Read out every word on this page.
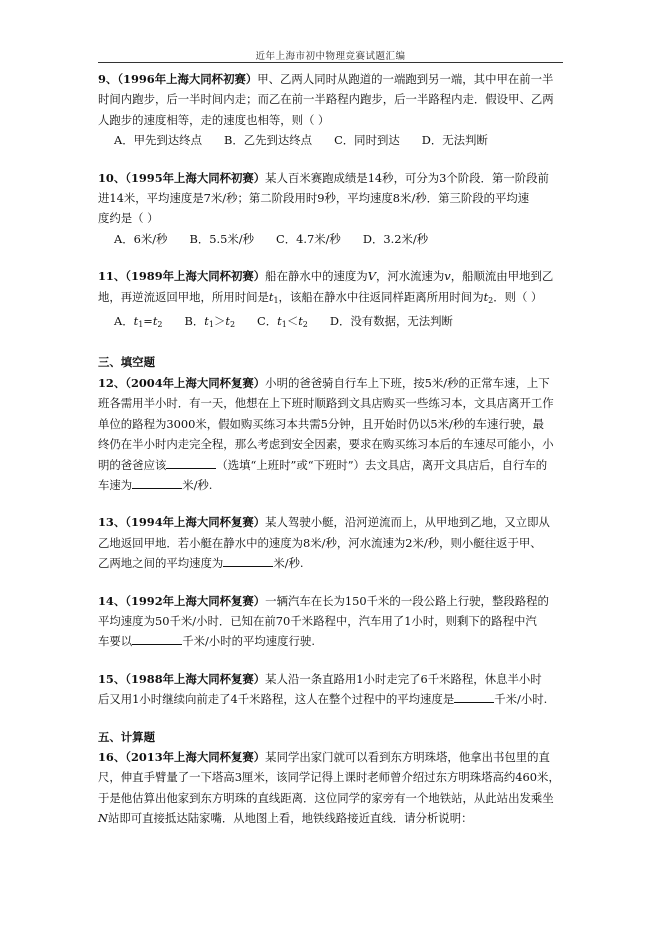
近年上海市初中物理竞赛试题汇编
9、（1996年上海大同杯初赛）甲、乙两人同时从跑道的一端跑到另一端，其中甲在前一半
时间内跑步，后一半时间内走；而乙在前一半路程内跑步，后一半路程内走．假设甲、乙两
人跑步的速度相等，走的速度也相等，则（ ）
A．甲先到达终点 B．乙先到达终点 C．同时到达 D．无法判断
10、（1995年上海大同杯初赛）某人百米赛跑成绩是14秒，可分为3个阶段．第一阶段前
进14米，平均速度是7米/秒；第二阶段用时9秒，平均速度8米/秒．第三阶段的平均速
度约是（ ）
A．6米/秒 B．5.5米/秒 C．4.7米/秒 D．3.2米/秒
11、（1989年上海大同杯初赛）船在静水中的速度为V，河水流速为v，船顺流由甲地到乙
地，再逆流返回甲地，所用时间是$t_1$，该船在静水中往返同样距离所用时间为$t_2$．则（ ）
A．$t_1=t_2$ B．$t_1>t_2$ C．$t_1<t_2$ D．没有数据，无法判断
三、填空题
12、（2004年上海大同杯复赛）小明的爸爸骑自行车上下班，按5米/秒的正常车速，上下
班各需用半小时．有一天，他想在上下班时顺路到文具店购买一些练习本，文具店离开工作
单位的路程为3000米，假如购买练习本共需5分钟，且开始时仍以5米/秒的车速行驶，最
终仍在半小时内走完全程，那么考虑到安全因素，要求在购买练习本后的车速尽可能小，小
明的爸爸应该	（选填“上班时”或“下班时”）去文具店，离开文具店后，自行车的
车速为	米/秒.
13、（1994年上海大同杯复赛）某人驾驶小艇，沿河逆流而上，从甲地到乙地，又立即从
乙地返回甲地．若小艇在静水中的速度为8米/秒，河水流速为2米/秒，则小艇往返于甲、
乙两地之间的平均速度为	米/秒.
14、（1992年上海大同杯复赛）一辆汽车在长为150千米的一段公路上行驶，整段路程的
平均速度为50千米/小时．已知在前70千米路程中，汽车用了1小时，则剩下的路程中汽
车要以	千米/小时的平均速度行驶.
15、（1988年上海大同杯复赛）某人沿一条直路用1小时走完了6千米路程，休息半小时
后又用1小时继续向前走了4千米路程，这人在整个过程中的平均速度是	千米/小时.
五、计算题
16、（2013年上海大同杯复赛）某同学出家门就可以看到东方明珠塔，他拿出书包里的直
尺，伸直手臂量了一下塔高3厘米，该同学记得上课时老师曾介绍过东方明珠塔高约460米，
于是他估算出他家到东方明珠的直线距离．这位同学的家旁有一个地铁站，从此站出发乘坐
N站即可直接抵达陆家嘴．从地图上看，地铁线路接近直线．请分析说明：
